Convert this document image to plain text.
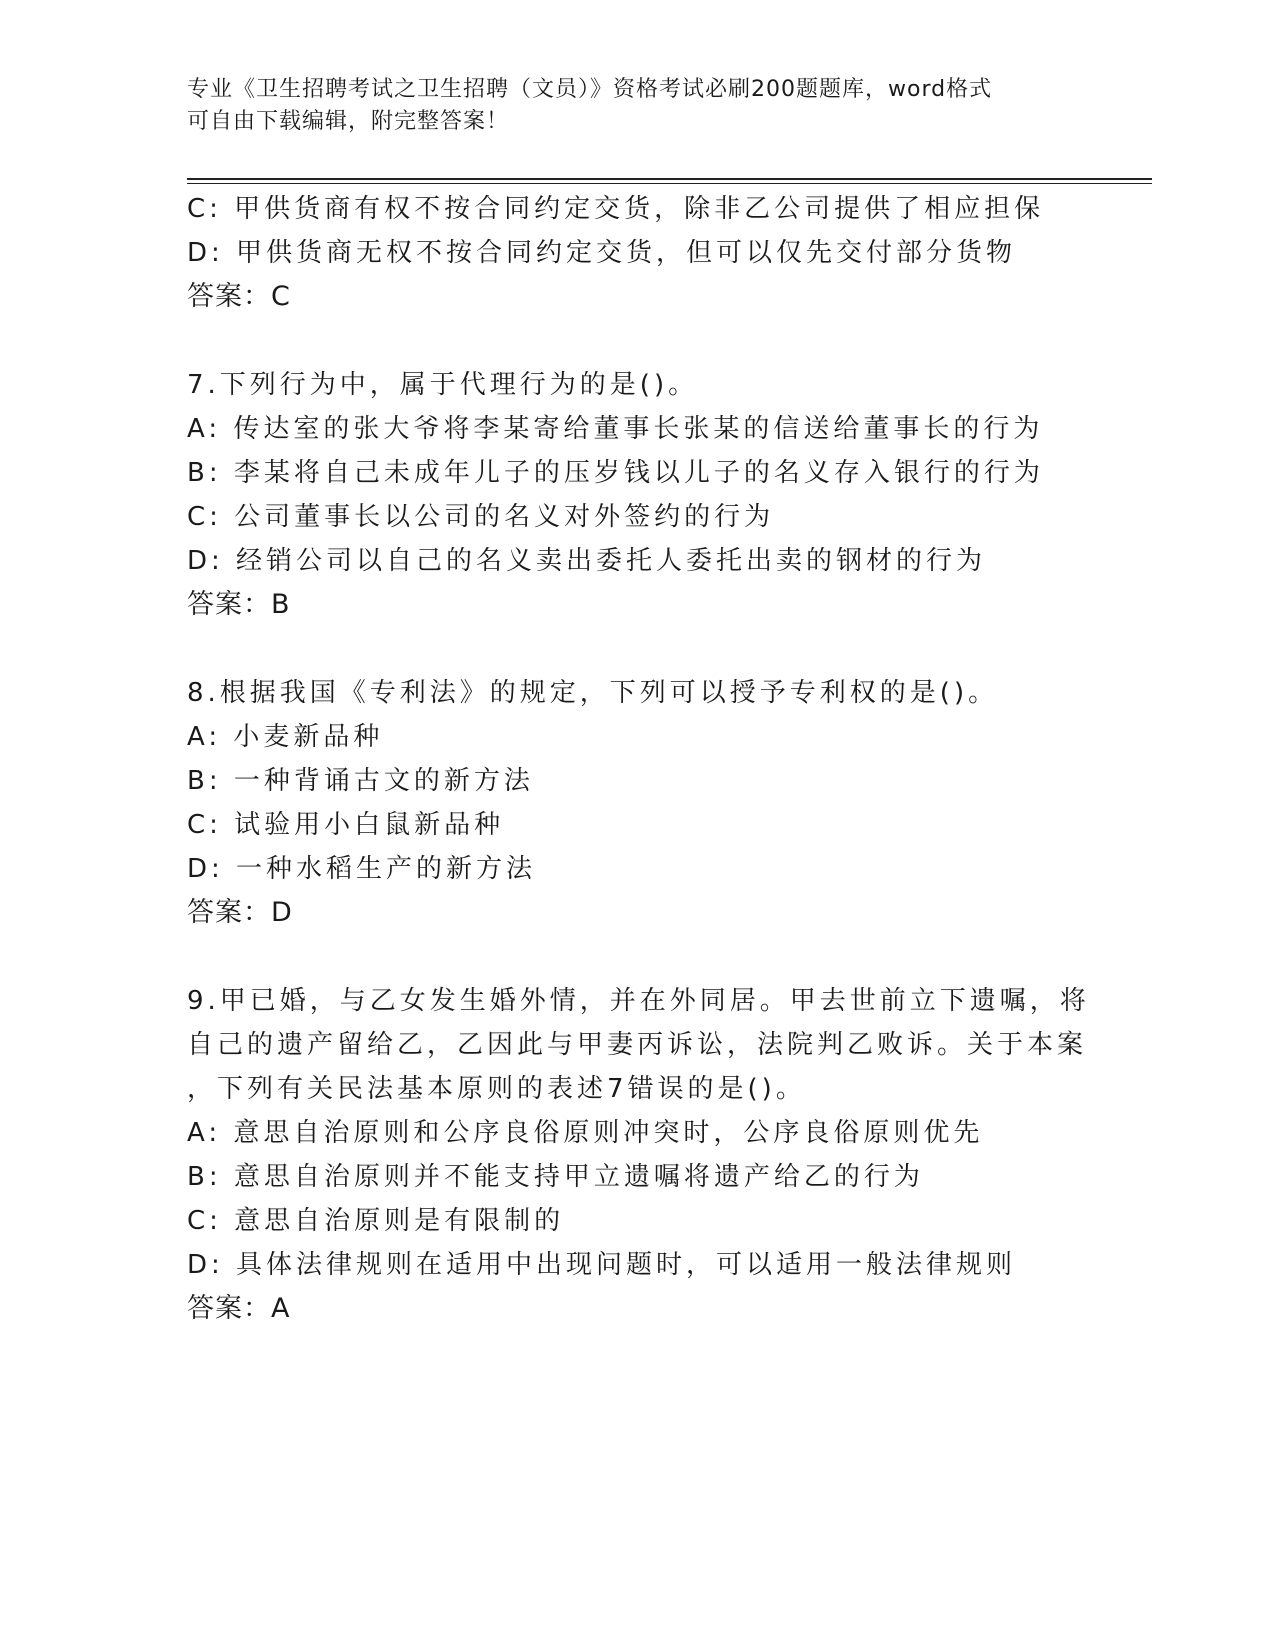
专业《卫生招聘考试之卫生招聘（文员）》资格考试必刷200题题库，word格式

可自由下载编辑，附完整答案！

C: 甲供货商有权不按合同约定交货，除非乙公司提供了相应担保
D: 甲供货商无权不按合同约定交货，但可以仅先交付部分货物
答案：C
7.下列行为中，属于代理行为的是()。
A: 传达室的张大爷将李某寄给董事长张某的信送给董事长的行为
B: 李某将自己未成年儿子的压岁钱以儿子的名义存入银行的行为
C: 公司董事长以公司的名义对外签约的行为
D: 经销公司以自己的名义卖出委托人委托出卖的钢材的行为
答案：B
8.根据我国《专利法》的规定，下列可以授予专利权的是()。
A: 小麦新品种
B: 一种背诵古文的新方法
C: 试验用小白鼠新品种
D: 一种水稻生产的新方法
答案：D
9.甲已婚，与乙女发生婚外情，并在外同居。甲去世前立下遗嘱，将
自己的遗产留给乙，乙因此与甲妻丙诉讼，法院判乙败诉。关于本案
，下列有关民法基本原则的表述7错误的是()。
A: 意思自治原则和公序良俗原则冲突时，公序良俗原则优先
B: 意思自治原则并不能支持甲立遗嘱将遗产给乙的行为
C: 意思自治原则是有限制的
D: 具体法律规则在适用中出现问题时，可以适用一般法律规则
答案：A
